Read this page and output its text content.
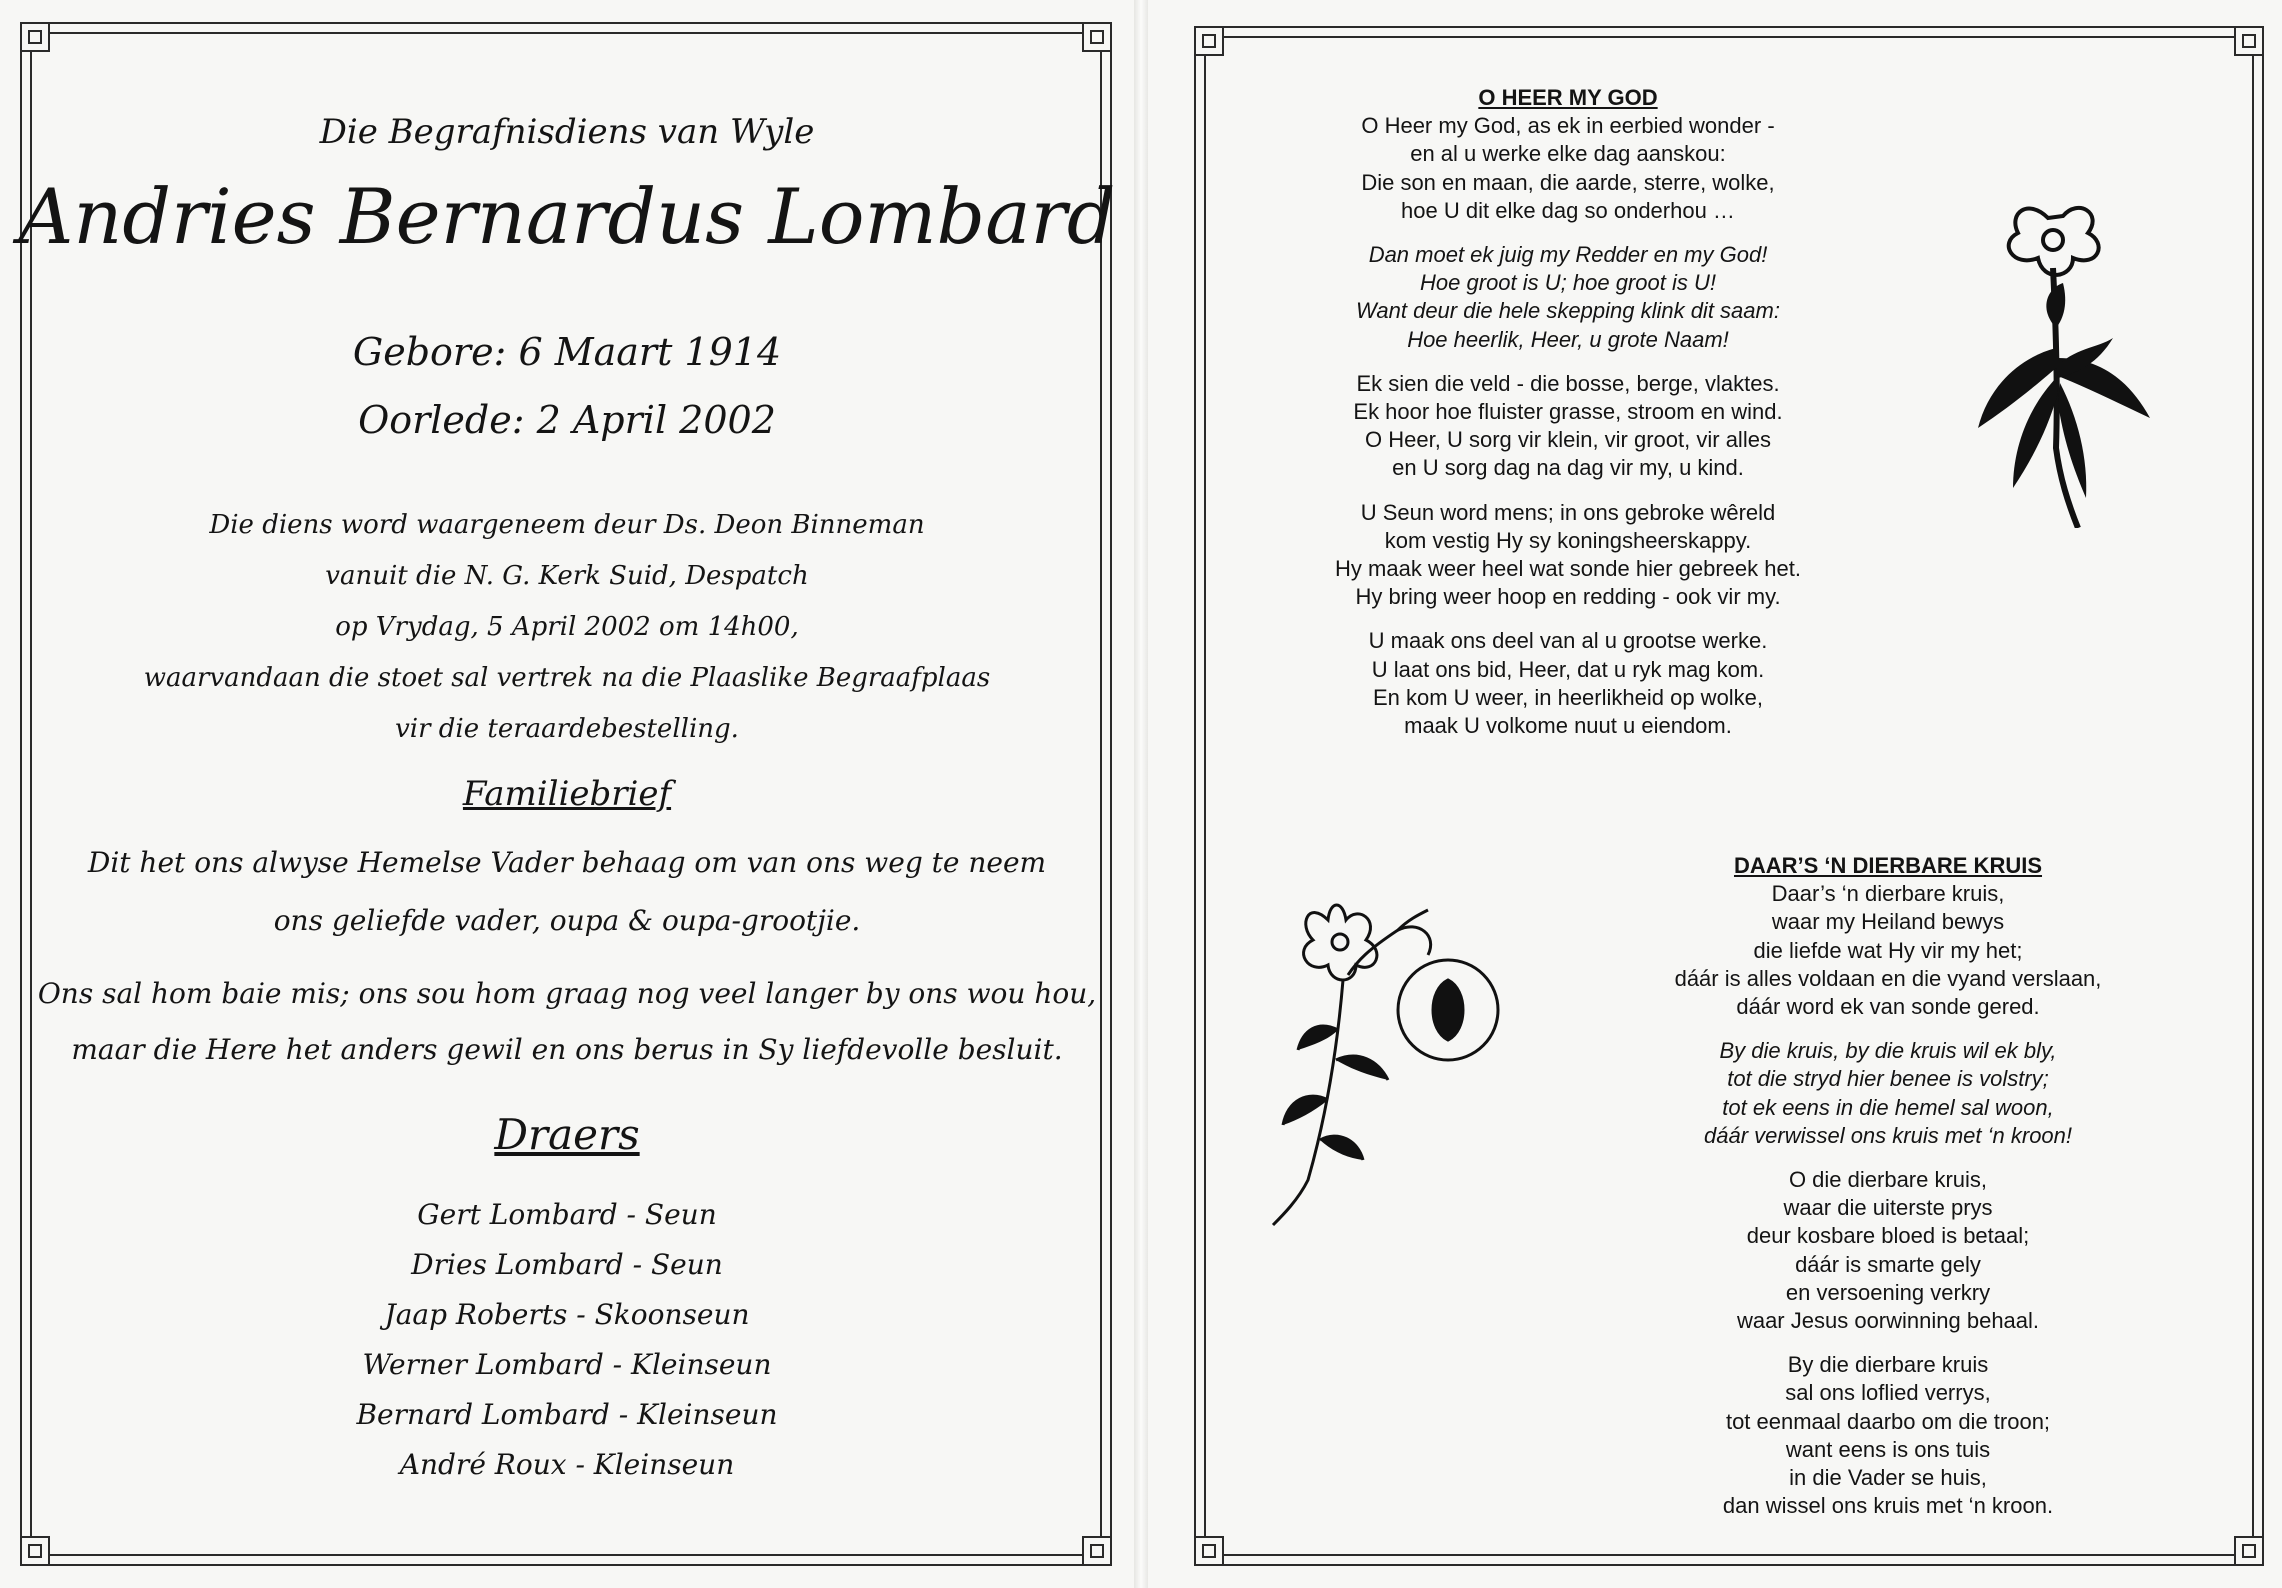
Die Begrafnisdiens van Wyle
Andries Bernardus Lombard
Gebore: 6 Maart 1914
Oorlede: 2 April 2002
Die diens word waargeneem deur Ds. Deon Binneman
vanuit die N. G. Kerk Suid, Despatch
op Vrydag, 5 April 2002 om 14h00,
waarvandaan die stoet sal vertrek na die Plaaslike Begraafplaas
vir die teraardebestelling.
Familiebrief
Dit het ons alwyse Hemelse Vader behaag om van ons weg te neem
ons geliefde vader, oupa & oupa-grootjie.
Ons sal hom baie mis; ons sou hom graag nog veel langer by ons wou hou,
maar die Here het anders gewil en ons berus in Sy liefdevolle besluit.
Draers
Gert Lombard - Seun
Dries Lombard - Seun
Jaap Roberts - Skoonseun
Werner Lombard - Kleinseun
Bernard Lombard - Kleinseun
André Roux - Kleinseun
O HEER MY GOD
O Heer my God, as ek in eerbied wonder -
en al u werke elke dag aanskou:
Die son en maan, die aarde, sterre, wolke,
hoe U dit elke dag so onderhou …
Dan moet ek juig my Redder en my God!
Hoe groot is U; hoe groot is U!
Want deur die hele skepping klink dit saam:
Hoe heerlik, Heer, u grote Naam!
Ek sien die veld - die bosse, berge, vlaktes.
Ek hoor hoe fluister grasse, stroom en wind.
O Heer, U sorg vir klein, vir groot, vir alles
en U sorg dag na dag vir my, u kind.
U Seun word mens; in ons gebroke wêreld
kom vestig Hy sy koningsheerskappy.
Hy maak weer heel wat sonde hier gebreek het.
Hy bring weer hoop en redding - ook vir my.
U maak ons deel van al u grootse werke.
U laat ons bid, Heer, dat u ryk mag kom.
En kom U weer, in heerlikheid op wolke,
maak U volkome nuut u eiendom.
DAAR’S ‘N DIERBARE KRUIS
Daar’s ‘n dierbare kruis,
waar my Heiland bewys
die liefde wat Hy vir my het;
dáár is alles voldaan en die vyand verslaan,
dáár word ek van sonde gered.
By die kruis, by die kruis wil ek bly,
tot die stryd hier benee is volstry;
tot ek eens in die hemel sal woon,
dáár verwissel ons kruis met ‘n kroon!
O die dierbare kruis,
waar die uiterste prys
deur kosbare bloed is betaal;
dáár is smarte gely
en versoening verkry
waar Jesus oorwinning behaal.
By die dierbare kruis
sal ons loflied verrys,
tot eenmaal daarbo om die troon;
want eens is ons tuis
in die Vader se huis,
dan wissel ons kruis met ‘n kroon.
